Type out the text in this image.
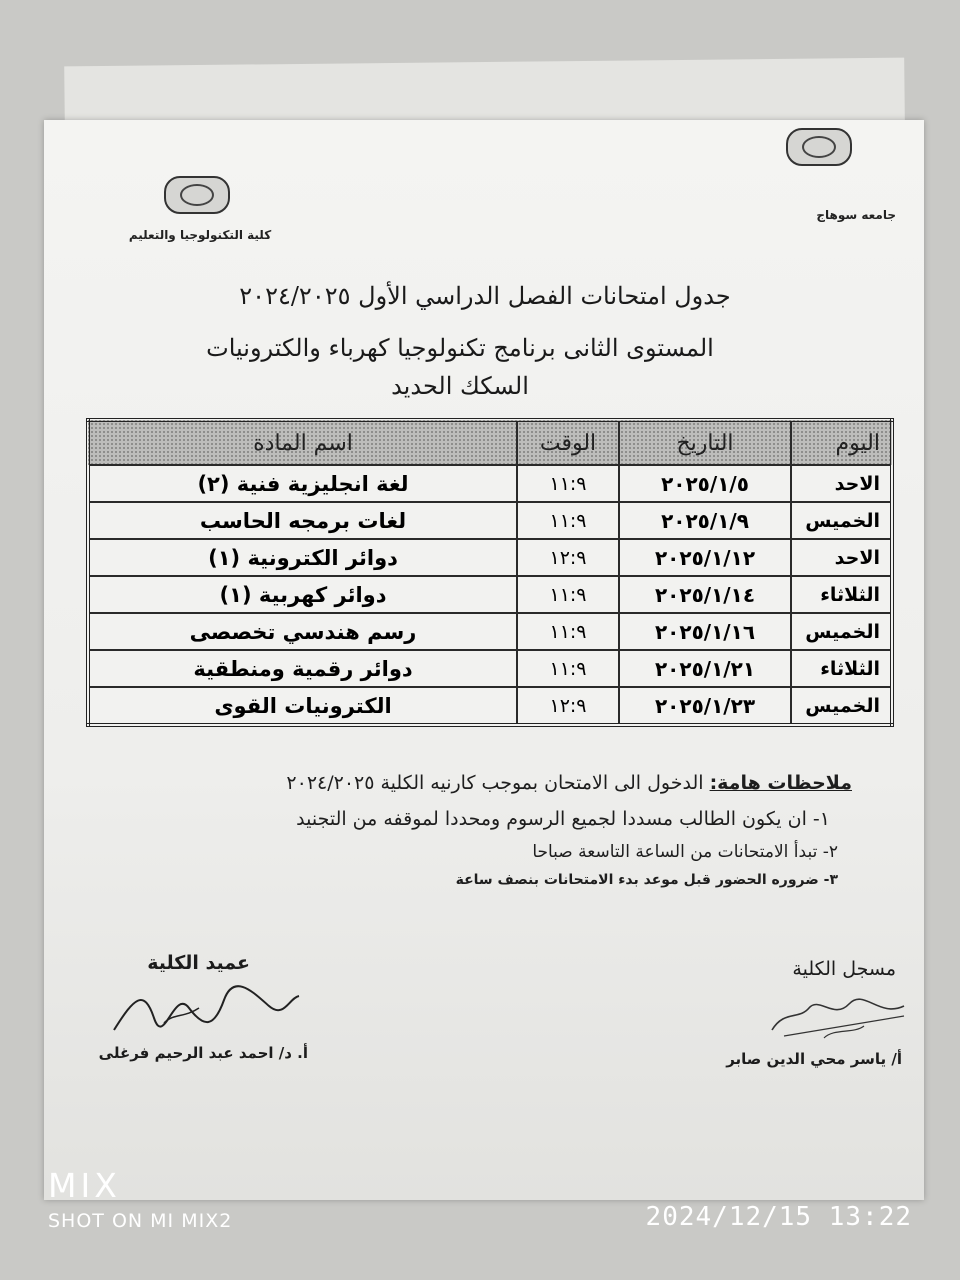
كلية التكنولوجيا والتعليم
جامعه سوهاج
جدول امتحانات الفصل الدراسي الأول ٢٠٢٤/٢٠٢٥
المستوى الثانى برنامج تكنولوجيا كهرباء والكترونيات
السكك الحديد
اليوم	التاريخ	الوقت	اسم المادة
الاحد	٢٠٢٥/١/٥	١١:٩	لغة انجليزية فنية (٢)
الخميس	٢٠٢٥/١/٩	١١:٩	لغات برمجه الحاسب
الاحد	٢٠٢٥/١/١٢	١٢:٩	دوائر الكترونية (١)
الثلاثاء	٢٠٢٥/١/١٤	١١:٩	دوائر كهربية (١)
الخميس	٢٠٢٥/١/١٦	١١:٩	رسم هندسي تخصصى
الثلاثاء	٢٠٢٥/١/٢١	١١:٩	دوائر رقمية ومنطقية
الخميس	٢٠٢٥/١/٢٣	١٢:٩	الكترونيات القوى
ملاحظات هامة: الدخول الى الامتحان بموجب كارنيه الكلية ٢٠٢٤/٢٠٢٥
١- ان يكون الطالب مسددا لجميع الرسوم ومحددا لموقفه من التجنيد
٢- تبدأ الامتحانات من الساعة التاسعة صباحا
٣- ضروره الحضور قبل موعد بدء الامتحانات بنصف ساعة
عميد الكلية
أ. د/ احمد عبد الرحيم فرغلى
مسجل الكلية
أ/ ياسر محي الدين صابر
MIX
SHOT ON MI MIX2	2024/12/15 13:22
